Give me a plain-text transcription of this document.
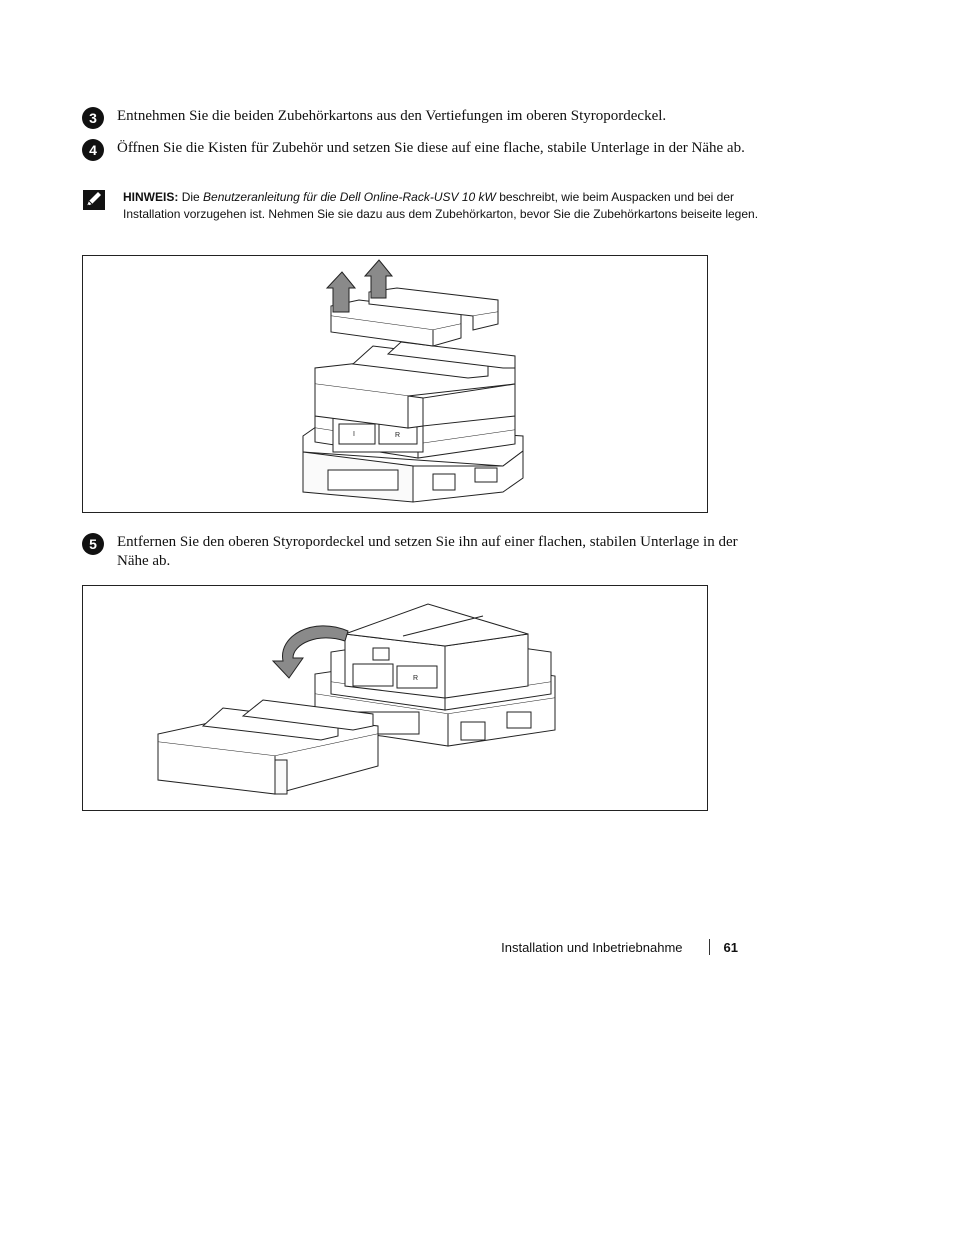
3	Entnehmen Sie die beiden Zubehörkartons aus den Vertiefungen im oberen Styropordeckel.
4	Öffnen Sie die Kisten für Zubehör und setzen Sie diese auf eine flache, stabile Unterlage in der Nähe ab.
HINWEIS: Die Benutzeranleitung für die Dell Online-Rack-USV 10 kW beschreibt, wie beim Auspacken und bei der Installation vorzugehen ist. Nehmen Sie sie dazu aus dem Zubehörkarton, bevor Sie die Zubehörkartons beiseite legen.
I	R
5	Entfernen Sie den oberen Styropordeckel und setzen Sie ihn auf einer flachen, stabilen Unterlage in der Nähe ab.
R
Installation und Inbetriebnahme	61
